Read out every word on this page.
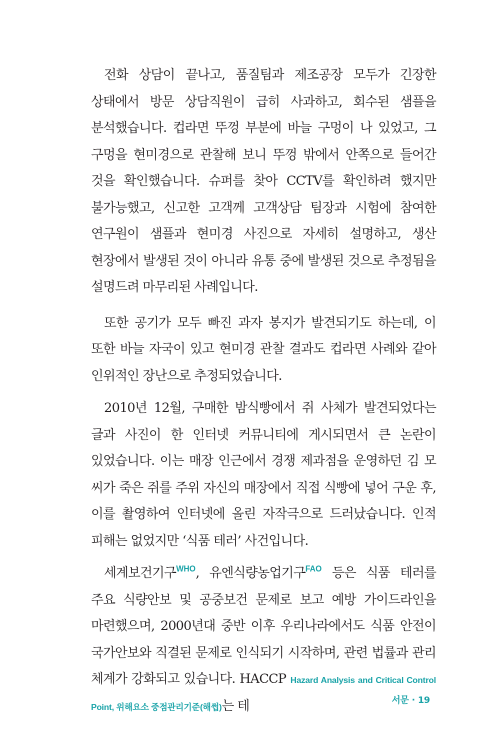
전화 상담이 끝나고, 품질팀과 제조공장 모두가 긴장한 상태에서 방문 상담직원이 급히 사과하고, 회수된 샘플을 분석했습니다. 컵라면 뚜껑 부분에 바늘 구멍이 나 있었고, 그 구멍을 현미경으로 관찰해 보니 뚜껑 밖에서 안쪽으로 들어간 것을 확인했습니다. 슈퍼를 찾아 CCTV를 확인하려 했지만 불가능했고, 신고한 고객께 고객상담 팀장과 시험에 참여한 연구원이 샘플과 현미경 사진으로 자세히 설명하고, 생산 현장에서 발생된 것이 아니라 유통 중에 발생된 것으로 추정됨을 설명드려 마무리된 사례입니다.

또한 공기가 모두 빠진 과자 봉지가 발견되기도 하는데, 이 또한 바늘 자국이 있고 현미경 관찰 결과도 컵라면 사례와 같아 인위적인 장난으로 추정되었습니다.

2010년 12월, 구매한 밤식빵에서 쥐 사체가 발견되었다는 글과 사진이 한 인터넷 커뮤니티에 게시되면서 큰 논란이 있었습니다. 이는 매장 인근에서 경쟁 제과점을 운영하던 김 모 씨가 죽은 쥐를 주위 자신의 매장에서 직접 식빵에 넣어 구운 후, 이를 촬영하여 인터넷에 올린 자작극으로 드러났습니다. 인적 피해는 없었지만 ‘식품 테러’ 사건입니다.

세계보건기구$^{WHO}$, 유엔식량농업기구$^{FAO}$ 등은 식품 테러를 주요 식량안보 및 공중보건 문제로 보고 예방 가이드라인을 마련했으며, 2000년대 중반 이후 우리나라에서도 식품 안전이 국가안보와 직결된 문제로 인식되기 시작하며, 관련 법률과 관리 체계가 강화되고 있습니다. HACCP Hazard Analysis and Critical Control Point, 위해요소 중점관리기준(해썹)는 테	서문 · 19
